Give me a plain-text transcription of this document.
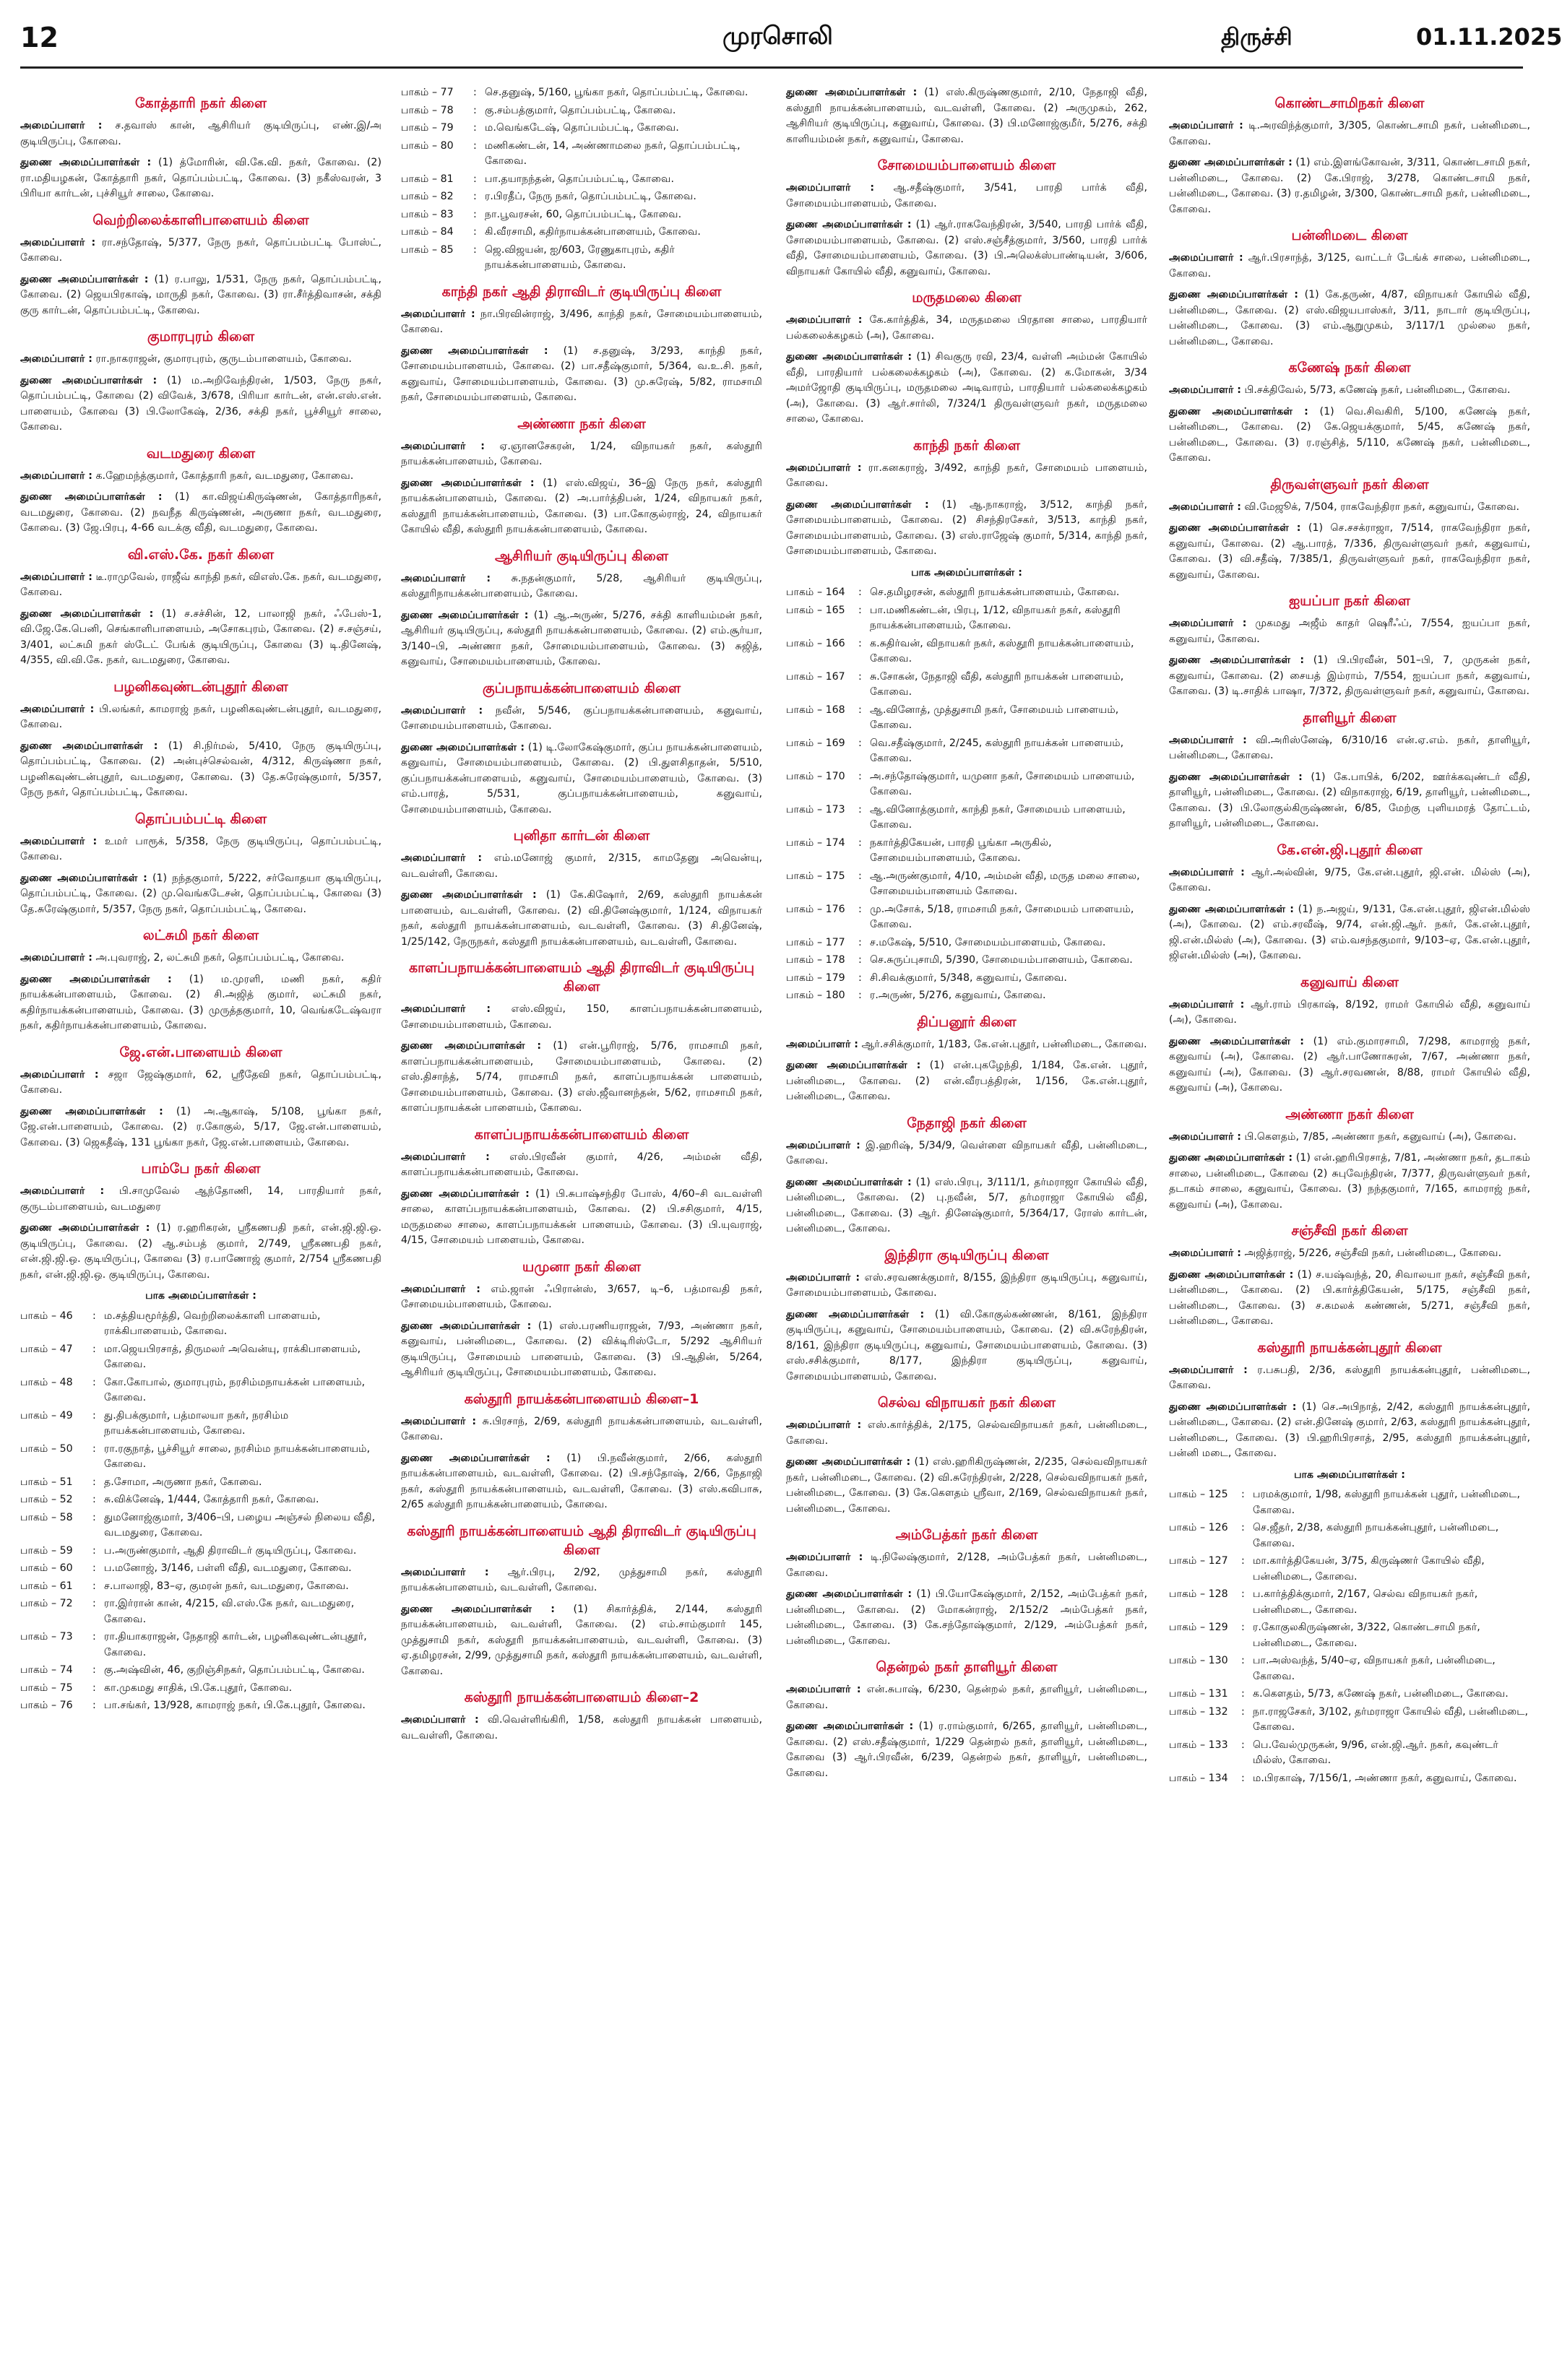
12	முரசொலி	திருச்சி	01.11.2025
கோத்தாரி நகர் கிளை
அமைப்பாளர் : ச.தவாஸ் கான், ஆசிரியர் குடியிருப்பு, எண்.இ/அ குடியிருப்பு, கோவை.
துணை அமைப்பாளர்கள் : (1) த்மோரின், வி.கே.வி. நகர், கோவை. (2) ரா.மதியழகன், கோத்தாரி நகர், தொப்பம்பட்டி, கோவை. (3) நகீஸ்வரன், 3 பிரியா கார்டன், புச்சியூர் சாலை, கோவை.
வெற்றிலைக்காளிபாளையம் கிளை
அமைப்பாளர் : ரா.சந்தோஷ், 5/377, நேரு நகர், தொப்பம்பட்டி போஸ்ட், கோவை.
துணை அமைப்பாளர்கள் : (1) ர.பாலு, 1/531, நேரு நகர், தொப்பம்பட்டி, கோவை. (2) ஜெயபிரகாஷ், மாருதி நகர், கோவை. (3) ரா.சீர்த்திவாசன், சக்தி குரு கார்டன், தொப்பம்பட்டி, கோவை.
குமாரபுரம் கிளை
அமைப்பாளர் : ரா.நாகராஜன், குமாரபுரம், குருடம்பாளையம், கோவை.
துணை அமைப்பாளர்கள் : (1) ம.அறிவேந்திரன், 1/503, நேரு நகர், தொப்பம்பட்டி, கோவை (2) விவேக், 3/678, பிரியா கார்டன், என்.எஸ்.என். பாளையம், கோவை (3) பி.லோகேஷ், 2/36, சக்தி நகர், பூச்சியூர் சாலை, கோவை.
வடமதுரை கிளை
அமைப்பாளர் : க.ஹேமந்த்குமார், கோத்தாரி நகர், வடமதுரை, கோவை.
துணை அமைப்பாளர்கள் : (1) கா.விஜய்கிருஷ்ணன், கோத்தாரிநகர், வடமதுரை, கோவை. (2) நவநீத கிருஷ்ணன், அருணா நகர், வடமதுரை, கோவை. (3) ஜே.பிரபு, 4-66 வடக்கு வீதி, வடமதுரை, கோவை.
வி.எஸ்.கே. நகர் கிளை
அமைப்பாளர் : டீ.ராமுவேல், ராஜீவ் காந்தி நகர், விஎஸ்.கே. நகர், வடமதுரை, கோவை.
துணை அமைப்பாளர்கள் : (1) ச.சச்சின், 12, பாலாஜி நகர், ஃபேஸ்-1, வி.ஜே.கே.பெனி, செங்காளிபாளையம், அசோகபுரம், கோவை. (2) ச.சஞ்சய், 3/401, லட்சுமி நகர் ஸ்டேட் பேங்க் குடியிருப்பு, கோவை (3) டி.தினேஷ், 4/355, வி.வி.கே. நகர், வடமதுரை, கோவை.
பழனிகவுண்டன்புதூர் கிளை
அமைப்பாளர் : பி.லங்கர், காமராஜ் நகர், பழனிகவுண்டன்புதூர், வடமதுரை, கோவை.
துணை அமைப்பாளர்கள் : (1) சி.நிர்மல், 5/410, நேரு குடியிருப்பு, தொப்பம்பட்டி, கோவை. (2) அன்புச்செல்வன், 4/312, கிருஷ்ணா நகர், பழனிகவுண்டன்புதூர், வடமதுரை, கோவை. (3) தே.சுரேஷ்குமார், 5/357, நேரு நகர், தொப்பம்பட்டி, கோவை.
தொப்பம்பட்டி கிளை
அமைப்பாளர் : உமர் பாரூக், 5/358, நேரு குடியிருப்பு, தொப்பம்பட்டி, கோவை.
துணை அமைப்பாளர்கள் : (1) நந்தகுமார், 5/222, சர்வோதயா குடியிருப்பு, தொப்பம்பட்டி, கோவை. (2) மு.வெங்கடேசன், தொப்பம்பட்டி, கோவை (3) தே.சுரேஷ்குமார், 5/357, நேரு நகர், தொப்பம்பட்டி, கோவை.
லட்சுமி நகர் கிளை
அமைப்பாளர் : அ.புவராஜ், 2, லட்சுமி நகர், தொப்பம்பட்டி, கோவை.
துணை அமைப்பாளர்கள் : (1) ம.முரளி, மணி நகர், கதிர் நாயக்கன்பாளையம், கோவை. (2) சி.அஜித் குமார், லட்சுமி நகர், கதிர்நாயக்கன்பாளையம், கோவை. (3) முருத்தகுமார், 10, வெங்கடேஷ்வரா நகர், கதிர்நாயக்கன்பாளையம், கோவை.
ஜே.என்.பாளையம் கிளை
அமைப்பாளர் : சஜா ஜேஷ்குமார், 62, ஸ்ரீதேவி நகர், தொப்பம்பட்டி, கோவை.
துணை அமைப்பாளர்கள் : (1) அ.ஆகாஷ், 5/108, பூங்கா நகர், ஜே.என்.பாளையம், கோவை. (2) ர.கோகுல், 5/17, ஜே.என்.பாளையம், கோவை. (3) ஜெகதீஷ், 131 பூங்கா நகர், ஜே.என்.பாளையம், கோவை.
பாம்பே நகர் கிளை
அமைப்பாளர் : பி.சாமுவேல் ஆந்தோணி, 14, பாரதியார் நகர், குருடம்பாளையம், வடமதுரை
துணை அமைப்பாளர்கள் : (1) ர.ஹரிகரன், ஸ்ரீகணபதி நகர், என்.ஜி.ஜி.ஒ. குடியிருப்பு, கோவை. (2) ஆ.சம்பத் குமார், 2/749, ஸ்ரீகணபதி நகர், என்.ஜி.ஜி.ஒ. குடியிருப்பு, கோவை (3) ர.பாணோஜ் குமார், 2/754 ஸ்ரீகணபதி நகர், என்.ஜி.ஜி.ஒ. குடியிருப்பு, கோவை.
பாக அமைப்பாளர்கள் :
பாகம் – 46	: ம.சத்தியமூர்த்தி, வெற்றிலைக்காளி பாளையம், ராக்கிபாளையம், கோவை.
பாகம் – 47	: மா.ஜெயபிரசாத், திருமலர் அவென்யு, ராக்கிபாளையம், கோவை.
பாகம் – 48	: கோ.கோபால், குமாரபுரம், நரசிம்மநாயக்கன் பாளையம், கோவை.
பாகம் – 49	: து.திபக்குமார், பத்மாலயா நகர், நரசிம்ம நாயக்கன்பாளையம், கோவை.
பாகம் – 50	: ரா.ரகுநாத், பூச்சியூர் சாலை, நரசிம்ம நாயக்கன்பாளையம், கோவை.
பாகம் – 51	: த.சோமா, அருணா நகர், கோவை.
பாகம் – 52	: சு.விக்னேஷ், 1/444, கோத்தாரி நகர், கோவை.
பாகம் – 58	: துமனோஜ்குமார், 3/406–பி, பழைய அஞ்சல் நிலைய வீதி, வடமதுரை, கோவை.
பாகம் – 59	: ப.அருண்குமார், ஆதி திராவிடர் குடியிருப்பு, கோவை.
பாகம் – 60	: ப.மனோஜ், 3/146, பள்ளி வீதி, வடமதுரை, கோவை.
பாகம் – 61	: ச.பாலாஜி, 83–ஏ, குமரன் நகர், வடமதுரை, கோவை.
பாகம் – 72	: ரா.இர்ரான் கான், 4/215, வி.எஸ்.கே நகர், வடமதுரை, கோவை.
பாகம் – 73	: ரா.தியாகராஜன், நேதாஜி கார்டன், பழனிகவுண்டன்புதூர், கோவை.
பாகம் – 74	: கு.அஷ்வின், 46, குறிஞ்சிநகர், தொப்பம்பட்டி, கோவை.
பாகம் – 75	: கா.முகமது சாதிக், பி.கே.புதூர், கோவை.
பாகம் – 76	: பா.சங்கர், 13/928, காமராஜ் நகர், பி.கே.புதூர், கோவை.
பாகம் – 77	: செ.தனுஷ், 5/160, பூங்கா நகர், தொப்பம்பட்டி, கோவை.
பாகம் – 78	: கு.சம்பத்குமார், தொப்பம்பட்டி, கோவை.
பாகம் – 79	: ம.வெங்கடேஷ், தொப்பம்பட்டி, கோவை.
பாகம் – 80	: மணிகண்டன், 14, அண்ணாமலை நகர், தொப்பம்பட்டி, கோவை.
பாகம் – 81	: பா.தயாநந்தன், தொப்பம்பட்டி, கோவை.
பாகம் – 82	: ர.பிரதீப், நேரு நகர், தொப்பம்பட்டி, கோவை.
பாகம் – 83	: நா.பூவரசன், 60, தொப்பம்பட்டி, கோவை.
பாகம் – 84	: கி.வீரசாமி, கதிர்நாயக்கன்பாளையம், கோவை.
பாகம் – 85	: ஜெ.விஜயன், ஐ/603, ரேணுகாபுரம், கதிர் நாயக்கன்பாளையம், கோவை.
காந்தி நகர் ஆதி திராவிடர் குடியிருப்பு கிளை
அமைப்பாளர் : நா.பிரவின்ராஜ், 3/496, காந்தி நகர், சோமையம்பாளையம், கோவை.
துணை அமைப்பாளர்கள் : (1) ச.தனுஷ், 3/293, காந்தி நகர், சோமையம்பாளையம், கோவை. (2) பா.சதீஷ்குமார், 5/364, வ.உ.சி. நகர், கனுவாய், சோமையம்பாளையம், கோவை. (3) மு.சுரேஷ், 5/82, ராமசாமி நகர், சோமையம்பாளையம், கோவை.
அண்ணா நகர் கிளை
அமைப்பாளர் : ஏ.ஞானசேகரன், 1/24, விநாயகர் நகர், கஸ்தூரி நாயக்கன்பாளையம், கோவை.
துணை அமைப்பாளர்கள் : (1) எஸ்.விஜய், 36–இ நேரு நகர், கஸ்தூரி நாயக்கன்பாளையம், கோவை. (2) அ.பார்த்திபன், 1/24, விநாயகர் நகர், கஸ்தூரி நாயக்கன்பாளையம், கோவை. (3) பா.கோகுல்ராஜ், 24, விநாயகர் கோயில் வீதி, கஸ்தூரி நாயக்கன்பாளையம், கோவை.
ஆசிரியர் குடியிருப்பு கிளை
அமைப்பாளர் : சு.நதன்குமார், 5/28, ஆசிரியர் குடியிருப்பு, கஸ்தூரிநாயக்கன்பாளையம், கோவை.
துணை அமைப்பாளர்கள் : (1) ஆ.அருண், 5/276, சக்தி காளியம்மன் நகர், ஆசிரியர் குடியிருப்பு, கஸ்தூரி நாயக்கன்பாளையம், கோவை. (2) எம்.சூர்யா, 3/140–பி, அண்ணா நகர், சோமையம்பாளையம், கோவை. (3) சுஜித், கனுவாய், சோமையம்பாளையம், கோவை.
குப்பநாயக்கன்பாளையம் கிளை
அமைப்பாளர் : நவீன், 5/546, குப்பநாயக்கன்பாளையம், கனுவாய், சோமையம்பாளையம், கோவை.
துணை அமைப்பாளர்கள் : (1) டி.லோகேஷ்குமார், குப்ப நாயக்கன்பாளையம், கனுவாய், சோமையம்பாளையம், கோவை. (2) பி.துளசிதாதன், 5/510, குப்பநாயக்கன்பாளையம், கனுவாய், சோமையம்பாளையம், கோவை. (3) எம்.பாரத், 5/531, குப்பநாயக்கன்பாளையம், கனுவாய், சோமையம்பாளையம், கோவை.
புனிதா கார்டன் கிளை
அமைப்பாளர் : எம்.மனோஜ் குமார், 2/315, காமதேனு அவென்யு, வடவள்ளி, கோவை.
துணை அமைப்பாளர்கள் : (1) கே.கிஷோர், 2/69, கஸ்தூரி நாயக்கன் பாளையம், வடவள்ளி, கோவை. (2) வி.தினேஷ்குமார், 1/124, விநாயகர் நகர், கஸ்தூரி நாயக்கன்பாளையம், வடவள்ளி, கோவை. (3) சி.தினேஷ், 1/25/142, நேருநகர், கஸ்தூரி நாயக்கன்பாளையம், வடவள்ளி, கோவை.
காளப்பநாயக்கன்பாளையம் ஆதி திராவிடர் குடியிருப்பு கிளை
அமைப்பாளர் : எஸ்.விஜய், 150, காளப்பநாயக்கன்பாளையம், சோமையம்பாளையம், கோவை.
துணை அமைப்பாளர்கள் : (1) என்.பூரிராஜ், 5/76, ராமசாமி நகர், காளப்பநாயக்கன்பாளையம், சோமையம்பாளையம், கோவை. (2) எஸ்.திசாந்த், 5/74, ராமசாமி நகர், காளப்பநாயக்கன் பாளையம், சோமையம்பாளையம், கோவை. (3) எஸ்.ஜீவானந்தன், 5/62, ராமசாமி நகர், காளப்பநாயக்கன் பாளையம், கோவை.
காளப்பநாயக்கன்பாளையம் கிளை
அமைப்பாளர் : எஸ்.பிரவீன் குமார், 4/26, அம்மன் வீதி, காளப்பநாயக்கன்பாளையம், கோவை.
துணை அமைப்பாளர்கள் : (1) பி.சுபாஷ்சந்திர போஸ், 4/60–சி வடவள்ளி சாலை, காளப்பநாயக்கன்பாளையம், கோவை. (2) பி.சசிகுமார், 4/15, மருதமலை சாலை, காளப்பநாயக்கன் பாளையம், கோவை. (3) பி.யுவராஜ், 4/15, சோமையம் பாளையம், கோவை.
யமுனா நகர் கிளை
அமைப்பாளர் : எம்.ஜான் ஃபிரான்ஸ், 3/657, டி–6, பத்மாவதி நகர், சோமையம்பாளையம், கோவை.
துணை அமைப்பாளர்கள் : (1) எஸ்.பரணியராஜன், 7/93, அண்ணா நகர், கனுவாய், பன்னிமடை, கோவை. (2) விக்டிரிஸ்டோ, 5/292 ஆசிரியர் குடியிருப்பு, சோமையம் பாளையம், கோவை. (3) பி.ஆதின், 5/264, ஆசிரியர் குடியிருப்பு, சோமையம்பாளையம், கோவை.
கஸ்தூரி நாயக்கன்பாளையம் கிளை–1
அமைப்பாளர் : சு.பிரசாந், 2/69, கஸ்தூரி நாயக்கன்பாளையம், வடவள்ளி, கோவை.
துணை அமைப்பாளர்கள் : (1) பி.நவீன்குமார், 2/66, கஸ்தூரி நாயக்கன்பாளையம், வடவள்ளி, கோவை. (2) பி.சந்தோஷ், 2/66, நேதாஜி நகர், கஸ்தூரி நாயக்கன்பாளையம், வடவள்ளி, கோவை. (3) எஸ்.கவிபாசு, 2/65 கஸ்தூரி நாயக்கன்பாளையம், கோவை.
கஸ்தூரி நாயக்கன்பாளையம் ஆதி திராவிடர் குடியிருப்பு கிளை
அமைப்பாளர் : ஆர்.பிரபு, 2/92, முத்துசாமி நகர், கஸ்தூரி நாயக்கன்பாளையம், வடவள்ளி, கோவை.
துணை அமைப்பாளர்கள் : (1) சிகார்த்திக், 2/144, கஸ்தூரி நாயக்கன்பாளையம், வடவள்ளி, கோவை. (2) எம்.சாம்குமார் 145, முத்துசாமி நகர், கஸ்தூரி நாயக்கன்பாளையம், வடவள்ளி, கோவை. (3) ஏ.தமிழரசன், 2/99, முத்துசாமி நகர், கஸ்தூரி நாயக்கன்பாளையம், வடவள்ளி, கோவை.
கஸ்தூரி நாயக்கன்பாளையம் கிளை–2
அமைப்பாளர் : வி.வெள்ளிங்கிரி, 1/58, கஸ்தூரி நாயக்கன் பாளையம், வடவள்ளி, கோவை.
துணை அமைப்பாளர்கள் : (1) எஸ்.கிருஷ்ணகுமார், 2/10, நேதாஜி வீதி, கஸ்தூரி நாயக்கன்பாளையம், வடவள்ளி, கோவை. (2) அருமுகம், 262, ஆசிரியர் குடியிருப்பு, கனுவாய், கோவை. (3) பி.மனோஜ்குமீர், 5/276, சக்தி காளியம்மன் நகர், கனுவாய், கோவை.
சோமையம்பாளையம் கிளை
அமைப்பாளர் : ஆ.சதீஷ்குமார், 3/541, பாரதி பார்க் வீதி, சோமையம்பாளையம், கோவை.
துணை அமைப்பாளர்கள் : (1) ஆர்.ராகவேந்திரன், 3/540, பாரதி பார்க் வீதி, சோமையம்பாளையம், கோவை. (2) எஸ்.சஞ்சீத்குமார், 3/560, பாரதி பார்க் வீதி, சோமையம்பாளையம், கோவை. (3) பி.அலெக்ஸ்பாண்டியன், 3/606, விநாயகர் கோயில் வீதி, கனுவாய், கோவை.
மருதமலை கிளை
அமைப்பாளர் : கே.கார்த்திக், 34, மருதமலை பிரதான சாலை, பாரதியார் பல்கலைக்கழகம் (அ), கோவை.
துணை அமைப்பாளர்கள் : (1) சிவகுரு ரவி, 23/4, வள்ளி அம்மன் கோயில் வீதி, பாரதியார் பல்கலைக்கழகம் (அ), கோவை. (2) க.மோகன், 3/34 அமர்ஜோதி குடியிருப்பு, மருதமலை அடிவாரம், பாரதியார் பல்கலைக்கழகம் (அ), கோவை. (3) ஆர்.சார்லி, 7/324/1 திருவள்ளுவர் நகர், மருதமலை சாலை, கோவை.
காந்தி நகர் கிளை
அமைப்பாளர் : ரா.கனகராஜ், 3/492, காந்தி நகர், சோமையம் பாளையம், கோவை.
துணை அமைப்பாளர்கள் : (1) ஆ.நாகராஜ், 3/512, காந்தி நகர், சோமையம்பாளையம், கோவை. (2) சிசந்திரசேகர், 3/513, காந்தி நகர், சோமையம்பாளையம், கோவை. (3) எஸ்.ராஜேஷ் குமார், 5/314, காந்தி நகர், சோமையம்பாளையம், கோவை.
பாக அமைப்பாளர்கள் :
பாகம் – 164	: செ.தமிழரசன், கஸ்தூரி நாயக்கன்பாளையம், கோவை.
பாகம் – 165	: பா.மணிகண்டன், பிரபு, 1/12, விநாயகர் நகர், கஸ்தூரி நாயக்கன்பாளையம், கோவை.
பாகம் – 166	: க.சுதிர்வன், விநாயகர் நகர், கஸ்தூரி நாயக்கன்பாளையம், கோவை.
பாகம் – 167	: சு.சோகன், நேதாஜி வீதி, கஸ்தூரி நாயக்கன் பாளையம், கோவை.
பாகம் – 168	: ஆ.வினோத், முத்துசாமி நகர், சோமையம் பாளையம், கோவை.
பாகம் – 169	: வெ.சதீஷ்குமார், 2/245, கஸ்தூரி நாயக்கன் பாளையம், கோவை.
பாகம் – 170	: அ.சந்தோஷ்குமார், யமுனா நகர், சோமையம் பாளையம், கோவை.
பாகம் – 173	: ஆ.வினோத்குமார், காந்தி நகர், சோமையம் பாளையம், கோவை.
பாகம் – 174	: நகார்த்திகேயன், பாரதி பூங்கா அருகில், சோமையம்பாளையம், கோவை.
பாகம் – 175	: ஆ.அருண்குமார், 4/10, அம்மன் வீதி, மருத மலை சாலை, சோமையம்பாளையம் கோவை.
பாகம் – 176	: மு.அசோக், 5/18, ராமசாமி நகர், சோமையம் பாளையம், கோவை.
பாகம் – 177	: ச.மகேஷ், 5/510, சோமையம்பாளையம், கோவை.
பாகம் – 178	: செ.சுருப்புசாமி, 5/390, சோமையம்பாளையம், கோவை.
பாகம் – 179	: சி.சிவக்குமார், 5/348, கனுவாய், கோவை.
பாகம் – 180	: ர.அருண், 5/276, கனுவாய், கோவை.
திப்பனூர் கிளை
அமைப்பாளர் : ஆர்.சசிக்குமார், 1/183, கே.என்.புதூர், பன்னிமடை, கோவை.
துணை அமைப்பாளர்கள் : (1) என்.புகழேந்தி, 1/184, கே.என். புதூர், பன்னிமடை, கோவை. (2) என்.வீரபத்திரன், 1/156, கே.என்.புதூர், பன்னிமடை, கோவை.
நேதாஜி நகர் கிளை
அமைப்பாளர் : இ.ஹரிஷ், 5/34/9, வெள்ளை விநாயகர் வீதி, பன்னிமடை, கோவை.
துணை அமைப்பாளர்கள் : (1) எஸ்.பிரபு, 3/111/1, தர்மராஜா கோயில் வீதி, பன்னிமடை, கோவை. (2) பு.நவீன், 5/7, தர்மராஜா கோயில் வீதி, பன்னிமடை, கோவை. (3) ஆர். தினேஷ்குமார், 5/364/17, ரோஸ் கார்டன், பன்னிமடை, கோவை.
இந்திரா குடியிருப்பு கிளை
அமைப்பாளர் : எஸ்.சரவணக்குமார், 8/155, இந்திரா குடியிருப்பு, கனுவாய், சோமையம்பாளையம், கோவை.
துணை அமைப்பாளர்கள் : (1) வி.கோகுல்கண்ணன், 8/161, இந்திரா குடியிருப்பு, கனுவாய், சோமையம்பாளையம், கோவை. (2) வி.சுரேந்திரன், 8/161, இந்திரா குடியிருப்பு, கனுவாய், சோமையம்பாளையம், கோவை. (3) எஸ்.சசிக்குமார், 8/177, இந்திரா குடியிருப்பு, கனுவாய், சோமையம்பாளையம், கோவை.
செல்வ விநாயகர் நகர் கிளை
அமைப்பாளர் : எஸ்.கார்த்திக், 2/175, செல்வவிநாயகர் நகர், பன்னிமடை, கோவை.
துணை அமைப்பாளர்கள் : (1) எஸ்.ஹரிகிருஷ்ணன், 2/235, செல்வவிநாயகர் நகர், பன்னிமடை, கோவை. (2) வி.சுரேந்திரன், 2/228, செல்வவிநாயகர் நகர், பன்னிமடை, கோவை. (3) கே.கௌதம் ஸ்ரீவா, 2/169, செல்வவிநாயகர் நகர், பன்னிமடை, கோவை.
அம்பேத்கர் நகர் கிளை
அமைப்பாளர் : டி.நிலேஷ்குமார், 2/128, அம்பேத்கர் நகர், பன்னிமடை, கோவை.
துணை அமைப்பாளர்கள் : (1) பி.யோகேஷ்குமார், 2/152, அம்பேத்கர் நகர், பன்னிமடை, கோவை. (2) மோகன்ராஜ், 2/152/2 அம்பேத்கர் நகர், பன்னிமடை, கோவை. (3) கே.சந்தோஷ்குமார், 2/129, அம்பேத்கர் நகர், பன்னிமடை, கோவை.
தென்றல் நகர் தாளியூர் கிளை
அமைப்பாளர் : என்.சுபாஷ், 6/230, தென்றல் நகர், தாளியூர், பன்னிமடை, கோவை.
துணை அமைப்பாளர்கள் : (1) ர.ராம்குமார், 6/265, தாளியூர், பன்னிமடை, கோவை. (2) எஸ்.சதீஷ்குமார், 1/229 தென்றல் நகர், தாளியூர், பன்னிமடை, கோவை (3) ஆர்.பிரவீன், 6/239, தென்றல் நகர், தாளியூர், பன்னிமடை, கோவை.
கொண்டசாமிநகர் கிளை
அமைப்பாளர் : டி.அரவிந்த்குமார், 3/305, கொண்டசாமி நகர், பன்னிமடை, கோவை.
துணை அமைப்பாளர்கள் : (1) எம்.இளங்கோவன், 3/311, கொண்டசாமி நகர், பன்னிமடை, கோவை. (2) கே.பிராஜ், 3/278, கொண்டசாமி நகர், பன்னிமடை, கோவை. (3) ர.தமிழன், 3/300, கொண்டசாமி நகர், பன்னிமடை, கோவை.
பன்னிமடை கிளை
அமைப்பாளர் : ஆர்.பிரசாந்த், 3/125, வாட்டர் டேங்க் சாலை, பன்னிமடை, கோவை.
துணை அமைப்பாளர்கள் : (1) கே.தருண், 4/87, விநாயகர் கோயில் வீதி, பன்னிமடை, கோவை. (2) எஸ்.விஜயபாஸ்கர், 3/11, நாடார் குடியிருப்பு, பன்னிமடை, கோவை. (3) எம்.ஆறுமுகம், 3/117/1 முல்லை நகர், பன்னிமடை, கோவை.
கணேஷ் நகர் கிளை
அமைப்பாளர் : பி.சக்திவேல், 5/73, கணேஷ் நகர், பன்னிமடை, கோவை.
துணை அமைப்பாளர்கள் : (1) வெ.சிவகிரி, 5/100, கணேஷ் நகர், பன்னிமடை, கோவை. (2) கே.ஜெயக்குமார், 5/45, கணேஷ் நகர், பன்னிமடை, கோவை. (3) ர.ரஞ்சித், 5/110, கணேஷ் நகர், பன்னிமடை, கோவை.
திருவள்ளுவர் நகர் கிளை
அமைப்பாளர் : வி.மேஜூக், 7/504, ராகவேந்திரா நகர், கனுவாய், கோவை.
துணை அமைப்பாளர்கள் : (1) செ.சசக்ராஜா, 7/514, ராகவேந்திரா நகர், கனுவாய், கோவை. (2) ஆ.பாரத், 7/336, திருவள்ளுவர் நகர், கனுவாய், கோவை. (3) வி.சதீஷ், 7/385/1, திருவள்ளுவர் நகர், ராகவேந்திரா நகர், கனுவாய், கோவை.
ஐயப்பா நகர் கிளை
அமைப்பாளர் : முகமது அஜீம் காதர் ஷெரீஃப், 7/554, ஐயப்பா நகர், கனுவாய், கோவை.
துணை அமைப்பாளர்கள் : (1) பி.பிரவீன், 501–பி, 7, முருகன் நகர், கனுவாய், கோவை. (2) சையத் இம்ராம், 7/554, ஐயப்பா நகர், கனுவாய், கோவை. (3) டி.சாதிக் பாஷா, 7/372, திருவள்ளுவர் நகர், கனுவாய், கோவை.
தாளியூர் கிளை
அமைப்பாளர் : வி.அரிஸ்னேஷ், 6/310/16 என்.ஏ.எம். நகர், தாளியூர், பன்னிமடை, கோவை.
துணை அமைப்பாளர்கள் : (1) கே.பாபிக், 6/202, ஊர்க்கவுண்டர் வீதி, தாளியூர், பன்னிமடை, கோவை. (2) விநாகராஜ், 6/19, தாளியூர், பன்னிமடை, கோவை. (3) பி.லோகுல்கிருஷ்ணன், 6/85, மேற்கு புளியமரத் தோட்டம், தாளியூர், பன்னிமடை, கோவை.
கே.என்.ஜி.புதூர் கிளை
அமைப்பாளர் : ஆர்.அல்வின், 9/75, கே.என்.புதூர், ஜி.என். மில்ஸ் (அ), கோவை.
துணை அமைப்பாளர்கள் : (1) ந.அஜய், 9/131, கே.என்.புதூர், ஜிஎன்.மில்ஸ் (அ), கோவை. (2) எம்.சரவீஷ், 9/74, என்.ஜி.ஆர். நகர், கே.என்.புதூர், ஜி.என்.மில்ஸ் (அ), கோவை. (3) எம்.வசந்தகுமார், 9/103–ஏ, கே.என்.புதூர், ஜிஎன்.மில்ஸ் (அ), கோவை.
கனுவாய் கிளை
அமைப்பாளர் : ஆர்.ராம் பிரகாஷ், 8/192, ராமர் கோயில் வீதி, கனுவாய் (அ), கோவை.
துணை அமைப்பாளர்கள் : (1) எம்.குமாரசாமி, 7/298, காமராஜ் நகர், கனுவாய் (அ), கோவை. (2) ஆர்.பாணோசுரன், 7/67, அண்ணா நகர், கனுவாய் (அ), கோவை. (3) ஆர்.சரவணன், 8/88, ராமர் கோயில் வீதி, கனுவாய் (அ), கோவை.
அண்ணா நகர் கிளை
அமைப்பாளர் : பி.கௌதம், 7/85, அண்ணா நகர், கனுவாய் (அ), கோவை.
துணை அமைப்பாளர்கள் : (1) என்.ஹரிபிரசாத், 7/81, அண்ணா நகர், தடாகம் சாலை, பன்னிமடை, கோவை (2) சுபுவேந்திரன், 7/377, திருவள்ளுவர் நகர், தடாகம் சாலை, கனுவாய், கோவை. (3) நந்தகுமார், 7/165, காமராஜ் நகர், கனுவாய் (அ), கோவை.
சஞ்சீவி நகர் கிளை
அமைப்பாளர் : அஜித்ராஜ், 5/226, சஞ்சீவி நகர், பன்னிமடை, கோவை.
துணை அமைப்பாளர்கள் : (1) ச.யஷ்வந்த், 20, சிவாலயா நகர், சஞ்சீவி நகர், பன்னிமடை, கோவை. (2) பி.கார்த்திகேயன், 5/175, சஞ்சீவி நகர், பன்னிமடை, கோவை. (3) ச.கமலக் கண்ணன், 5/271, சஞ்சீவி நகர், பன்னிமடை, கோவை.
கஸ்தூரி நாயக்கன்புதூர் கிளை
அமைப்பாளர் : ர.பசுபதி, 2/36, கஸ்தூரி நாயக்கன்புதூர், பன்னிமடை, கோவை.
துணை அமைப்பாளர்கள் : (1) செ.அபிநாத், 2/42, கஸ்தூரி நாயக்கன்புதூர், பன்னிமடை, கோவை. (2) என்.தினேஷ் குமார், 2/63, கஸ்தூரி நாயக்கன்புதூர், பன்னிமடை, கோவை. (3) பி.ஹரிபிரசாத், 2/95, கஸ்தூரி நாயக்கன்புதூர், பன்னி மடை, கோவை.
பாக அமைப்பாளர்கள் :
பாகம் – 125	: பரமக்குமார், 1/98, கஸ்தூரி நாயக்கன் புதூர், பன்னிமடை, கோவை.
பாகம் – 126	: செ.ஜீதர், 2/38, கஸ்தூரி நாயக்கன்புதூர், பன்னிமடை, கோவை.
பாகம் – 127	: மா.கார்த்திகேயன், 3/75, கிருஷ்ணர் கோயில் வீதி, பன்னிமடை, கோவை.
பாகம் – 128	: ப.கார்த்திக்குமார், 2/167, செல்வ விநாயகர் நகர், பன்னிமடை, கோவை.
பாகம் – 129	: ர.கோகுலகிருஷ்ணன், 3/322, கொண்டசாமி நகர், பன்னிமடை, கோவை.
பாகம் – 130	: பா.அஸ்வந்த், 5/40–ஏ, விநாயகர் நகர், பன்னிமடை, கோவை.
பாகம் – 131	: க.கௌதம், 5/73, கணேஷ் நகர், பன்னிமடை, கோவை.
பாகம் – 132	: நா.ராஜசேகர், 3/102, தர்மராஜா கோயில் வீதி, பன்னிமடை, கோவை.
பாகம் – 133	: பெ.வேல்முருகன், 9/96, என்.ஜி.ஆர். நகர், கவுண்டர் மில்ஸ், கோவை.
பாகம் – 134	: ம.பிரகாஷ், 7/156/1, அண்ணா நகர், கனுவாய், கோவை.
